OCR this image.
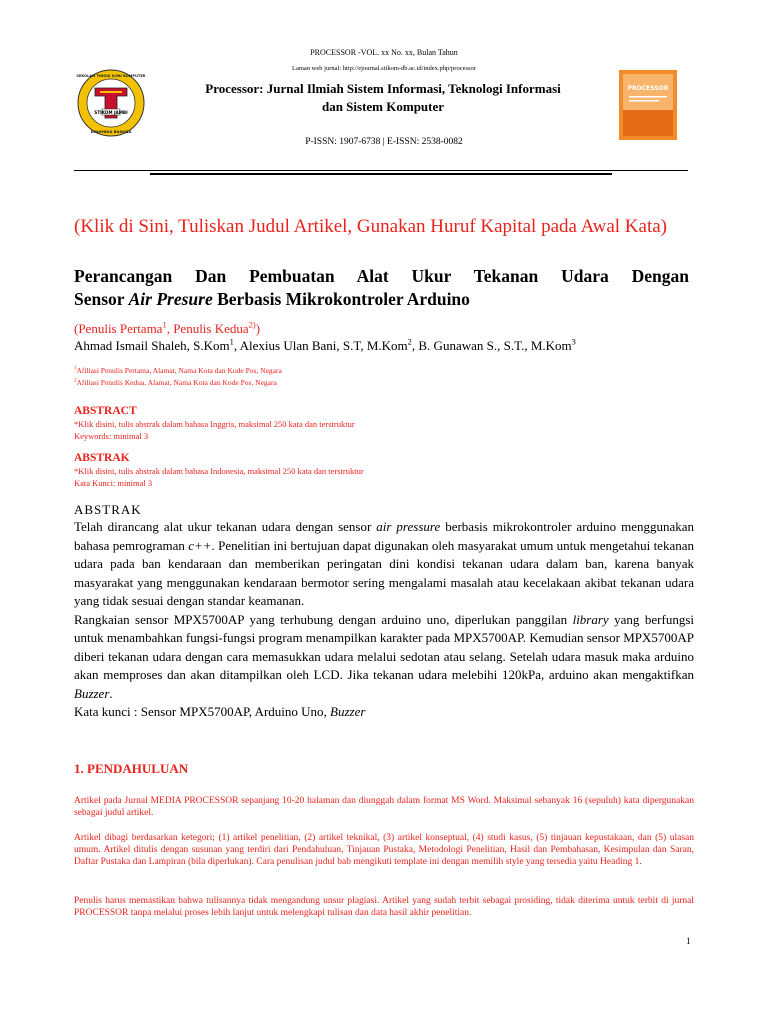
PROCESSOR -VOL. xx No. xx, Bulan Tahun
Laman web jurnal: http://ejournal.stikom-db.ac.id/index.php/processor
STIKOM JAMBI
SEKOLAH TINGGI ILMU KOMPUTER
DINAMIKA BANGSA
Processor: Jurnal Ilmiah Sistem Informasi, Teknologi Informasi
dan Sistem Komputer
PROCESSOR
P-ISSN: 1907-6738 | E-ISSN: 2538-0082
(Klik di Sini, Tuliskan Judul Artikel, Gunakan Huruf Kapital pada Awal Kata)
Perancangan Dan Pembuatan Alat Ukur Tekanan Udara Dengan
Sensor Air Presure Berbasis Mikrokontroler Arduino
(Penulis Pertama$^1$, Penulis Kedua$^{2)}$)
Ahmad Ismail Shaleh, S.Kom$^1$, Alexius Ulan Bani, S.T, M.Kom$^2$, B. Gunawan S., S.T., M.Kom$^3$
$^1$Afiliasi Penulis Pertama, Alamat, Nama Kota dan Kode Pos, Negara
$^2$Afiliasi Penulis Kedua, Alamat, Nama Kota dan Kode Pos, Negara
ABSTRACT
*Klik disini, tulis abstrak dalam bahasa Inggris, maksimal 250 kata dan terstruktur
Keywords: minimal 3
ABSTRAK
*Klik disini, tulis abstrak dalam bahasa Indonesia, maksimal 250 kata dan terstruktur
Kata Kunci: minimal 3
ABSTRAK

Telah dirancang alat ukur tekanan udara dengan sensor air pressure berbasis mikrokontroler arduino menggunakan bahasa pemrograman c++. Penelitian ini bertujuan dapat digunakan oleh masyarakat umum untuk mengetahui tekanan udara pada ban kendaraan dan memberikan peringatan dini kondisi tekanan udara dalam ban, karena banyak masyarakat yang menggunakan kendaraan bermotor sering mengalami masalah atau kecelakaan akibat tekanan udara yang tidak sesuai dengan standar keamanan.

Rangkaian sensor MPX5700AP yang terhubung dengan arduino uno, diperlukan panggilan library yang berfungsi untuk menambahkan fungsi-fungsi program menampilkan karakter pada MPX5700AP. Kemudian sensor MPX5700AP diberi tekanan udara dengan cara memasukkan udara melalui sedotan atau selang. Setelah udara masuk maka arduino akan memproses dan akan ditampilkan oleh LCD. Jika tekanan udara melebihi 120kPa, arduino akan mengaktifkan Buzzer.

Kata kunci : Sensor MPX5700AP, Arduino Uno, Buzzer

1. PENDAHULUAN
Artikel pada Jurnal MEDIA PROCESSOR sepanjang 10-20 halaman dan diunggah dalam format MS Word. Maksimal sebanyak 16 (sepuluh) kata dipergunakan sebagai judul artikel.
Artikel dibagi berdasarkan ketegori; (1) artikel penelitian, (2) artikel teknikal, (3) artikel konseptual, (4) studi kasus, (5) tinjauan kepustakaan, dan (5) ulasan umum. Artikel ditulis dengan susunan yang terdiri dari Pendahuluan, Tinjauan Pustaka, Metodologi Penelitian, Hasil dan Pembahasan, Kesimpulan dan Saran, Daftar Pustaka dan Lampiran (bila diperlukan). Cara penulisan judul bab mengikuti template ini dengan memilih style yang tersedia yaitu Heading 1.
Penulis harus memastikan bahwa tulisannya tidak mengandung unsur plagiasi. Artikel yang sudah terbit sebagai prosiding, tidak diterima untuk terbit di jurnal PROCESSOR tanpa melalui proses lebih lanjut untuk melengkapi tulisan dan data hasil akhir penelitian.
1
